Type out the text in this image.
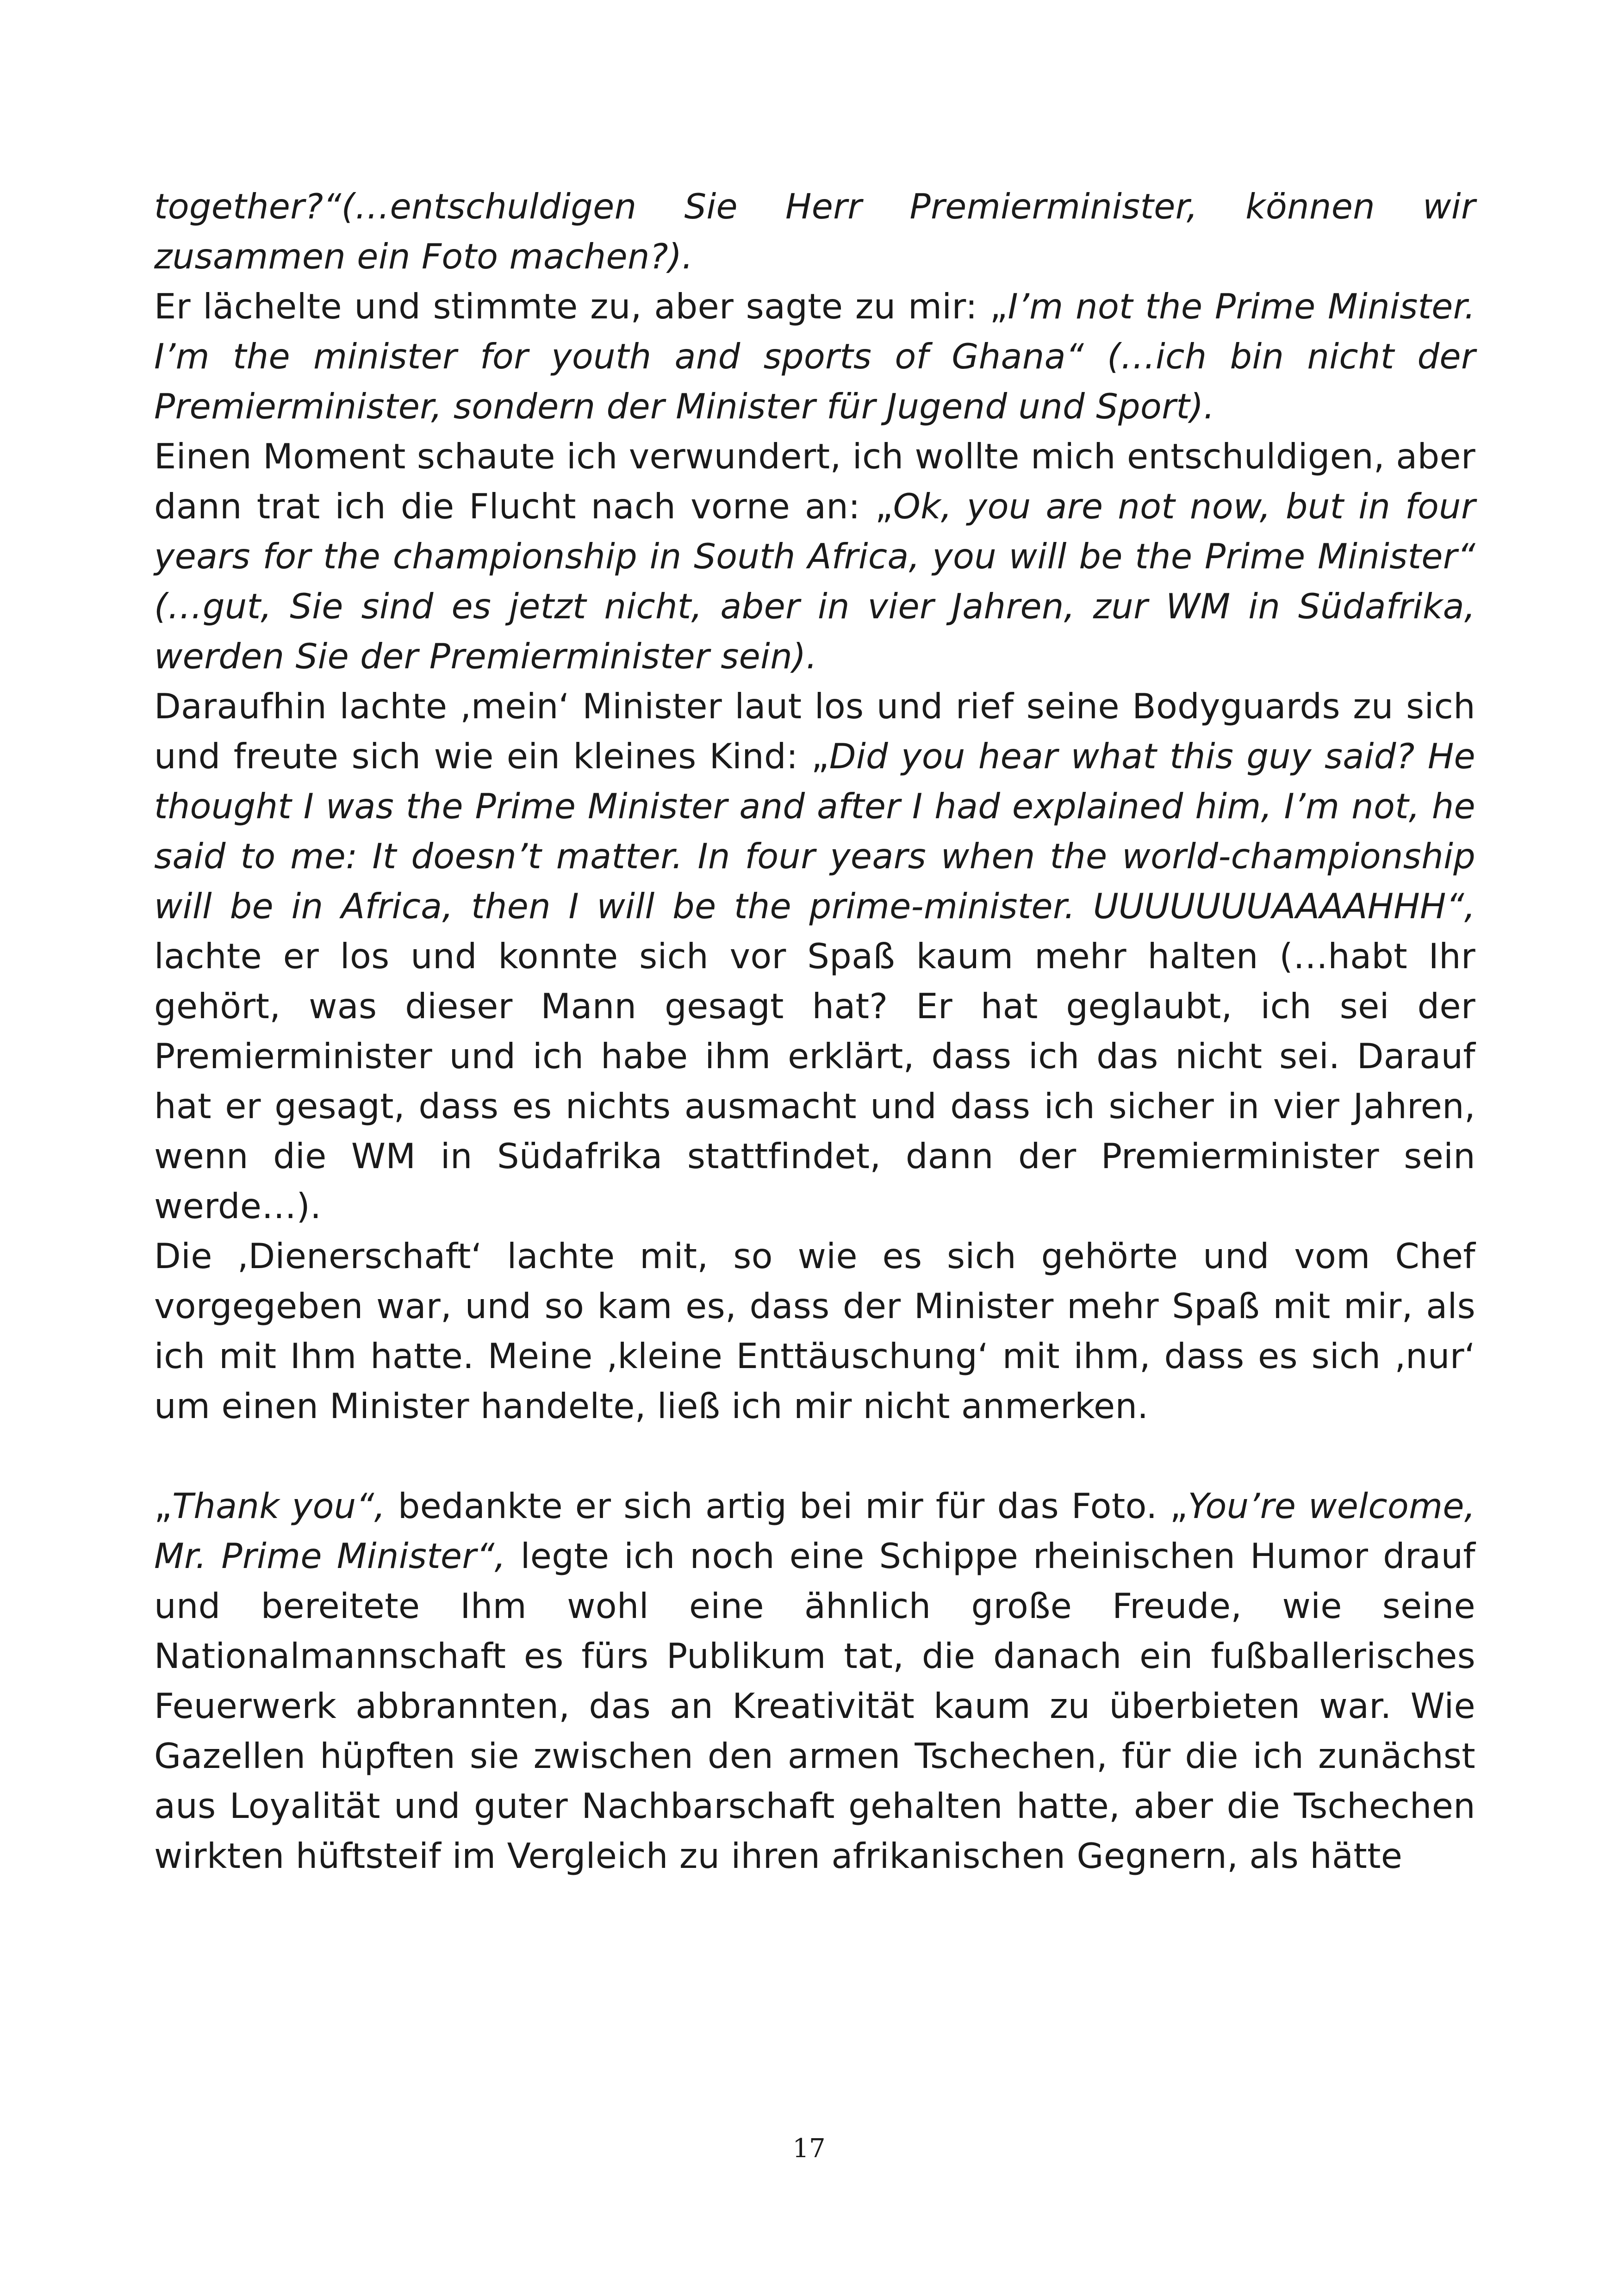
together?“(…entschuldigen Sie Herr Premierminister, können wir zusammen ein Foto machen?).

Er lächelte und stimmte zu, aber sagte zu mir: „I’m not the Prime Minister. I’m the minister for youth and sports of Ghana“ (…ich bin nicht der Premierminister, sondern der Minister für Jugend und Sport).

Einen Moment schaute ich verwundert, ich wollte mich entschuldigen, aber dann trat ich die Flucht nach vorne an: „Ok, you are not now, but in four years for the championship in South Africa, you will be the Prime Minister“ (…gut, Sie sind es jetzt nicht, aber in vier Jahren, zur WM in Südafrika, werden Sie der Premierminister sein).

Daraufhin lachte ‚mein‘ Minister laut los und rief seine Bodyguards zu sich und freute sich wie ein kleines Kind: „Did you hear what this guy said? He thought I was the Prime Minister and after I had explained him, I’m not, he said to me: It doesn’t matter. In four years when the world-championship will be in Africa, then I will be the prime-minister. UUUUUUUAAAAHHH“, lachte er los und konnte sich vor Spaß kaum mehr halten (…habt Ihr gehört, was dieser Mann gesagt hat? Er hat geglaubt, ich sei der Premierminister und ich habe ihm erklärt, dass ich das nicht sei. Darauf hat er gesagt, dass es nichts ausmacht und dass ich sicher in vier Jahren, wenn die WM in Südafrika stattfindet, dann der Premierminister sein werde…).

Die ‚Dienerschaft‘ lachte mit, so wie es sich gehörte und vom Chef vorgegeben war, und so kam es, dass der Minister mehr Spaß mit mir, als ich mit Ihm hatte. Meine ‚kleine Enttäuschung‘ mit ihm, dass es sich ‚nur‘ um einen Minister handelte, ließ ich mir nicht anmerken.

„Thank you“, bedankte er sich artig bei mir für das Foto. „You’re welcome, Mr. Prime Minister“, legte ich noch eine Schippe rheinischen Humor drauf und bereitete Ihm wohl eine ähnlich große Freude, wie seine Nationalmannschaft es fürs Publikum tat, die danach ein fußballerisches Feuerwerk abbrannten, das an Kreativität kaum zu überbieten war. Wie Gazellen hüpften sie zwischen den armen Tschechen, für die ich zunächst aus Loyalität und guter Nachbarschaft gehalten hatte, aber die Tschechen wirkten hüftsteif im Vergleich zu ihren afrikanischen Gegnern, als hätte

17
